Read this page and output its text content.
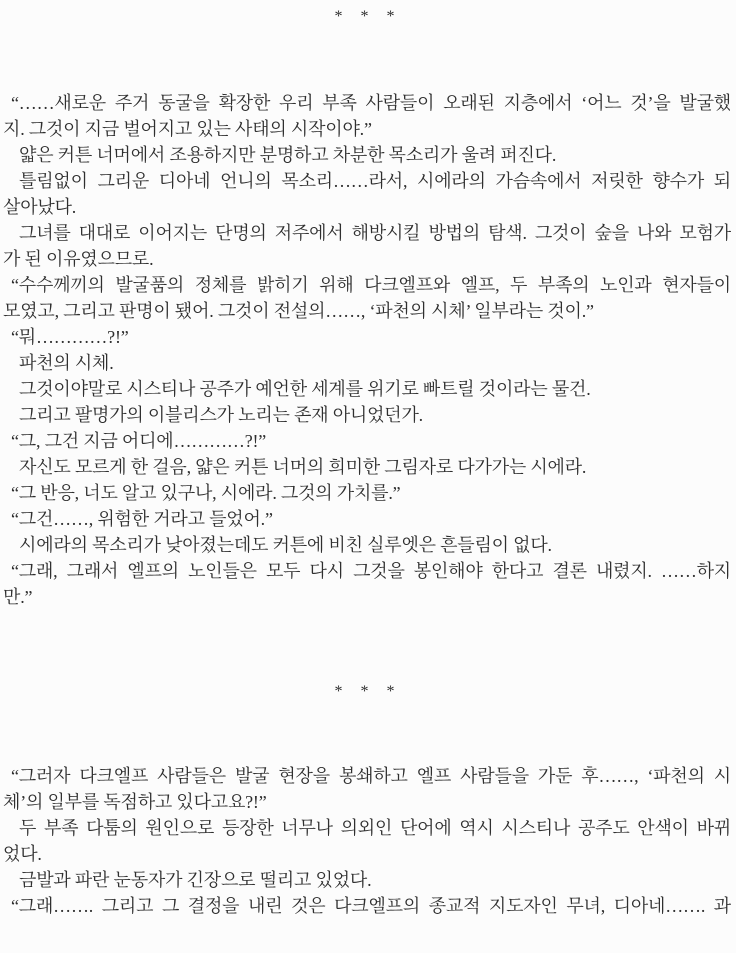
* * *

“……새로운 주거 동굴을 확장한 우리 부족 사람들이 오래된 지층에서 ‘어느 것’을 발굴했

지. 그것이 지금 벌어지고 있는 사태의 시작이야.”

얇은 커튼 너머에서 조용하지만 분명하고 차분한 목소리가 울려 퍼진다.

틀림없이 그리운 디아네 언니의 목소리……라서, 시에라의 가슴속에서 저릿한 향수가 되

살아났다.

그녀를 대대로 이어지는 단명의 저주에서 해방시킬 방법의 탐색. 그것이 숲을 나와 모험가

가 된 이유였으므로.

“수수께끼의 발굴품의 정체를 밝히기 위해 다크엘프와 엘프, 두 부족의 노인과 현자들이

모였고, 그리고 판명이 됐어. 그것이 전설의……, ‘파천의 시체’ 일부라는 것이.”

“뭐…………?!”

파천의 시체.

그것이야말로 시스티나 공주가 예언한 세계를 위기로 빠트릴 것이라는 물건.

그리고 팔명가의 이블리스가 노리는 존재 아니었던가.

“그, 그건 지금 어디에…………?!”

자신도 모르게 한 걸음, 얇은 커튼 너머의 희미한 그림자로 다가가는 시에라.

“그 반응, 너도 알고 있구나, 시에라. 그것의 가치를.”

“그건……, 위험한 거라고 들었어.”

시에라의 목소리가 낮아졌는데도 커튼에 비친 실루엣은 흔들림이 없다.

“그래, 그래서 엘프의 노인들은 모두 다시 그것을 봉인해야 한다고 결론 내렸지. ……하지

만.”

* * *

“그러자 다크엘프 사람들은 발굴 현장을 봉쇄하고 엘프 사람들을 가둔 후……, ‘파천의 시

체’의 일부를 독점하고 있다고요?!”

두 부족 다툼의 원인으로 등장한 너무나 의외인 단어에 역시 시스티나 공주도 안색이 바뀌

었다.

금발과 파란 눈동자가 긴장으로 떨리고 있었다.

“그래……. 그리고 그 결정을 내린 것은 다크엘프의 종교적 지도자인 무녀, 디아네……. 과
